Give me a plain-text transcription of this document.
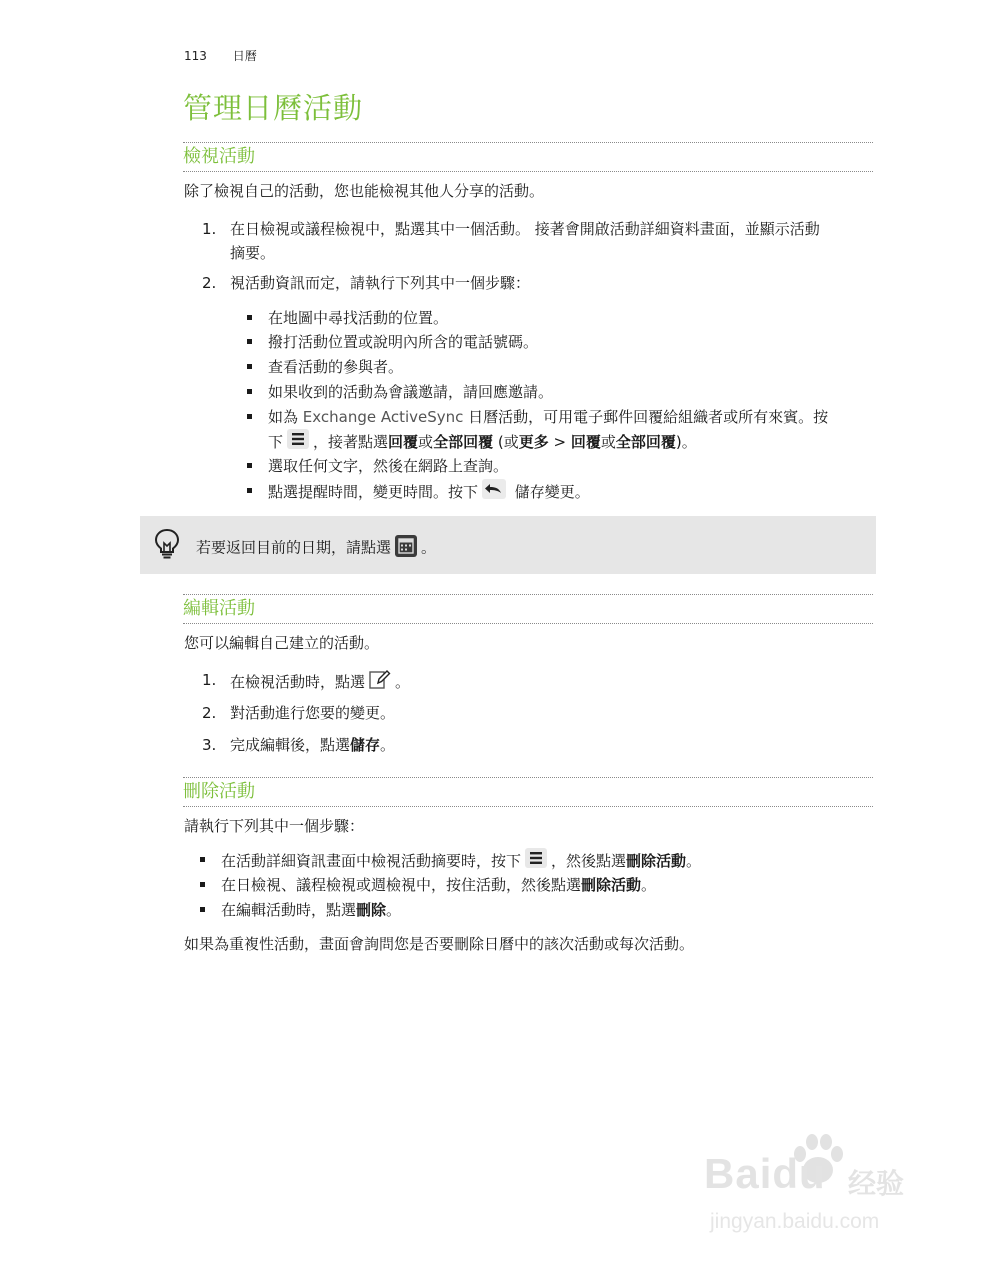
113 日曆
管理日曆活動
檢視活動

除了檢視自己的活動，您也能檢視其他人分享的活動。

1. 在日檢視或議程檢視中，點選其中一個活動。 接著會開啟活動詳細資料畫面，並顯示活動
摘要。
2. 視活動資訊而定，請執行下列其中一個步驟：
在地圖中尋找活動的位置。
撥打活動位置或說明內所含的電話號碼。
查看活動的參與者。
如果收到的活動為會議邀請，請回應邀請。
如為 Exchange ActiveSync 日曆活動，可用電子郵件回覆給組織者或所有來賓。按
下 ，接著點選回覆或全部回覆 (或更多 > 回覆或全部回覆)。
選取任何文字，然後在網路上查詢。
點選提醒時間，變更時間。按下 儲存變更。
若要返回目前的日期，請點選 。
編輯活動

您可以編輯自己建立的活動。

1. 在檢視活動時，點選 。
2. 對活動進行您要的變更。
3. 完成編輯後，點選儲存。
刪除活動

請執行下列其中一個步驟：

在活動詳細資訊畫面中檢視活動摘要時，按下 ，然後點選刪除活動。
在日檢視、議程檢視或週檢視中，按住活動，然後點選刪除活動。
在編輯活動時，點選刪除。

如果為重複性活動，畫面會詢問您是否要刪除日曆中的該次活動或每次活動。

Baidu 经验
jingyan.baidu.com
